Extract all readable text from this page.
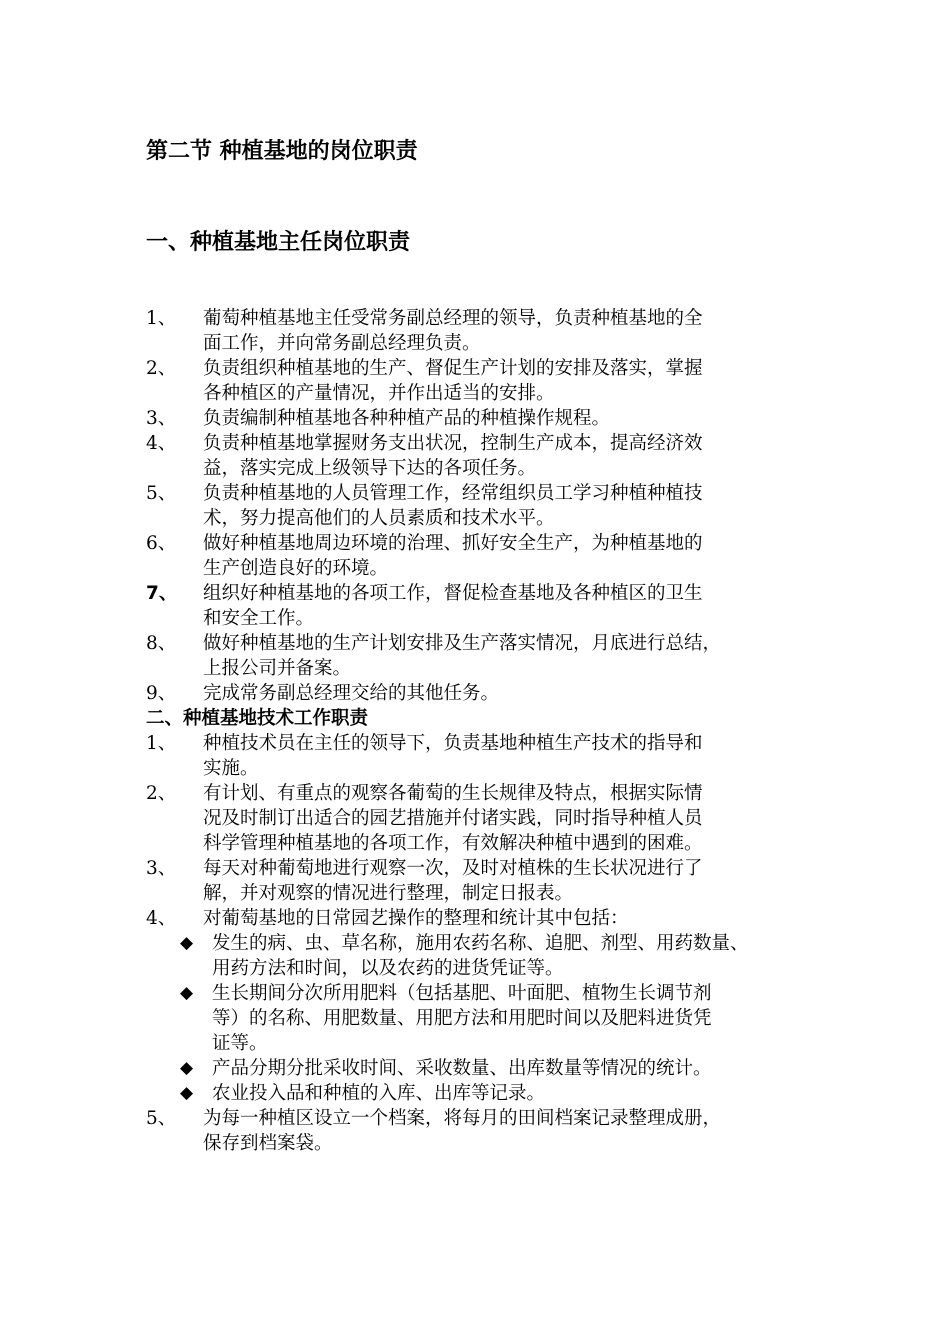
第二节 种植基地的岗位职责
一、种植基地主任岗位职责
1、 葡萄种植基地主任受常务副总经理的领导，负责种植基地的全
面工作，并向常务副总经理负责。
2、 负责组织种植基地的生产、督促生产计划的安排及落实，掌握
各种植区的产量情况，并作出适当的安排。
3、 负责编制种植基地各种种植产品的种植操作规程。
4、 负责种植基地掌握财务支出状况，控制生产成本，提高经济效
益，落实完成上级领导下达的各项任务。
5、 负责种植基地的人员管理工作，经常组织员工学习种植种植技
术，努力提高他们的人员素质和技术水平。
6、 做好种植基地周边环境的治理、抓好安全生产，为种植基地的
生产创造良好的环境。
7、 组织好种植基地的各项工作，督促检查基地及各种植区的卫生
和安全工作。
8、 做好种植基地的生产计划安排及生产落实情况，月底进行总结，
上报公司并备案。
9、 完成常务副总经理交给的其他任务。
二、种植基地技术工作职责
1、 种植技术员在主任的领导下，负责基地种植生产技术的指导和
实施。
2、 有计划、有重点的观察各葡萄的生长规律及特点，根据实际情
况及时制订出适合的园艺措施并付诸实践，同时指导种植人员
科学管理种植基地的各项工作，有效解决种植中遇到的困难。
3、 每天对种葡萄地进行观察一次，及时对植株的生长状况进行了
解，并对观察的情况进行整理，制定日报表。
4、 对葡萄基地的日常园艺操作的整理和统计其中包括：
◆ 发生的病、虫、草名称，施用农药名称、追肥、剂型、用药数量、
用药方法和时间，以及农药的进货凭证等。
◆ 生长期间分次所用肥料（包括基肥、叶面肥、植物生长调节剂
等）的名称、用肥数量、用肥方法和用肥时间以及肥料进货凭
证等。
◆ 产品分期分批采收时间、采收数量、出库数量等情况的统计。
◆ 农业投入品和种植的入库、出库等记录。
5、 为每一种植区设立一个档案，将每月的田间档案记录整理成册，
保存到档案袋。
